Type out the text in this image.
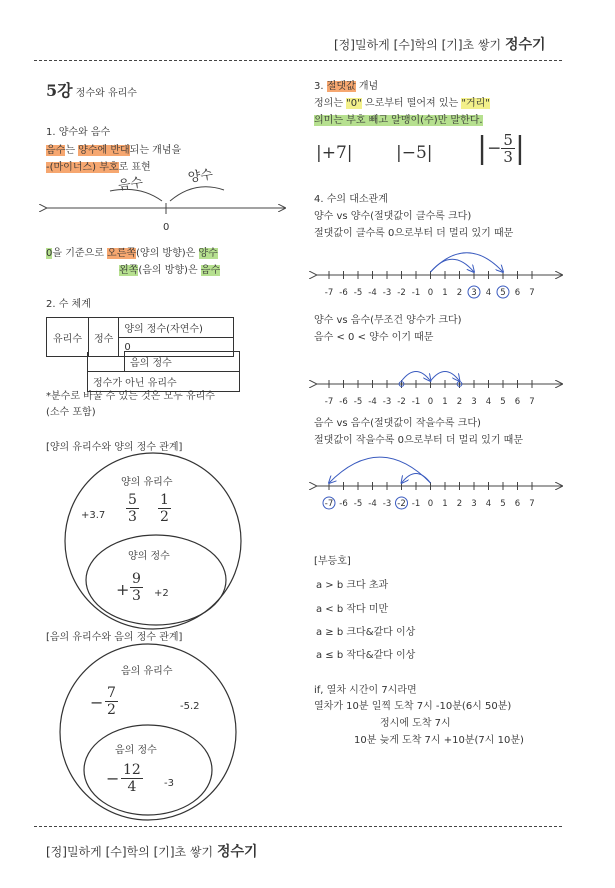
[정]밀하게 [수]학의 [기]초 쌓기 정수기
5강 정수와 유리수
1. 양수와 음수
음수는 양수에 반대되는 개념을
-(마이너스) 부호로 표현
음수	양수
0
0을 기준으로 오른쪽(양의 방향)은 양수
왼쪽(음의 방향)은 음수
2. 수 체계
유리수	정수	양의 정수(자연수)
0
	음의 정수
정수가 아닌 유리수
*분수로 바꿀 수 있는 것은 모두 유리수
(소수 포함)
[양의 유리수와 양의 정수 관계]
양의 유리수
$+3.7 \frac{5}{3} \frac{1}{2}$
양의 정수
+ $\frac{9}{3} +2$
[음의 유리수와 음의 정수 관계]
음의 유리수
− $\frac{7}{2}$	-5.2
음의 정수
− $\frac{12}{4} -3$
3. 절댓값 개념
정의는 "0" 으로부터 떨어져 있는 "거리"
의미는 부호 빼고 알맹이(수)만 말한다.
|+7|	|−5| |− $\frac{5}{3}$ |
4. 수의 대소관계
양수 vs 양수(절댓값이 클수록 크다)
절댓값이 클수록 0으로부터 더 멀리 있기 때문
양수 vs 음수(무조건 양수가 크다)
음수 < 0 < 양수 이기 때문
음수 vs 음수(절댓값이 작을수록 크다)
절댓값이 작을수록 0으로부터 더 멀리 있기 때문
[부등호]
a > b 크다 초과
a < b 작다 미만
a ≥ b 크다&같다 이상
a ≤ b 작다&같다 이상
if, 열차 시간이 7시라면
열차가 10분 일찍 도착 7시 -10분(6시 50분)
정시에 도착 7시
10분 늦게 도착 7시 +10분(7시 10분)
[정]밀하게 [수]학의 [기]초 쌓기 정수기
-7 -6 -5 -4 -3 -2 -1 0 1 2 3 4 5 6 7
-7 -6 -5 -4 -3 -2 -1 0 1 2 3 4 5 6 7
-7 -6 -5 -4 -3 -2 -1 0 1 2 3 4 5 6 7
